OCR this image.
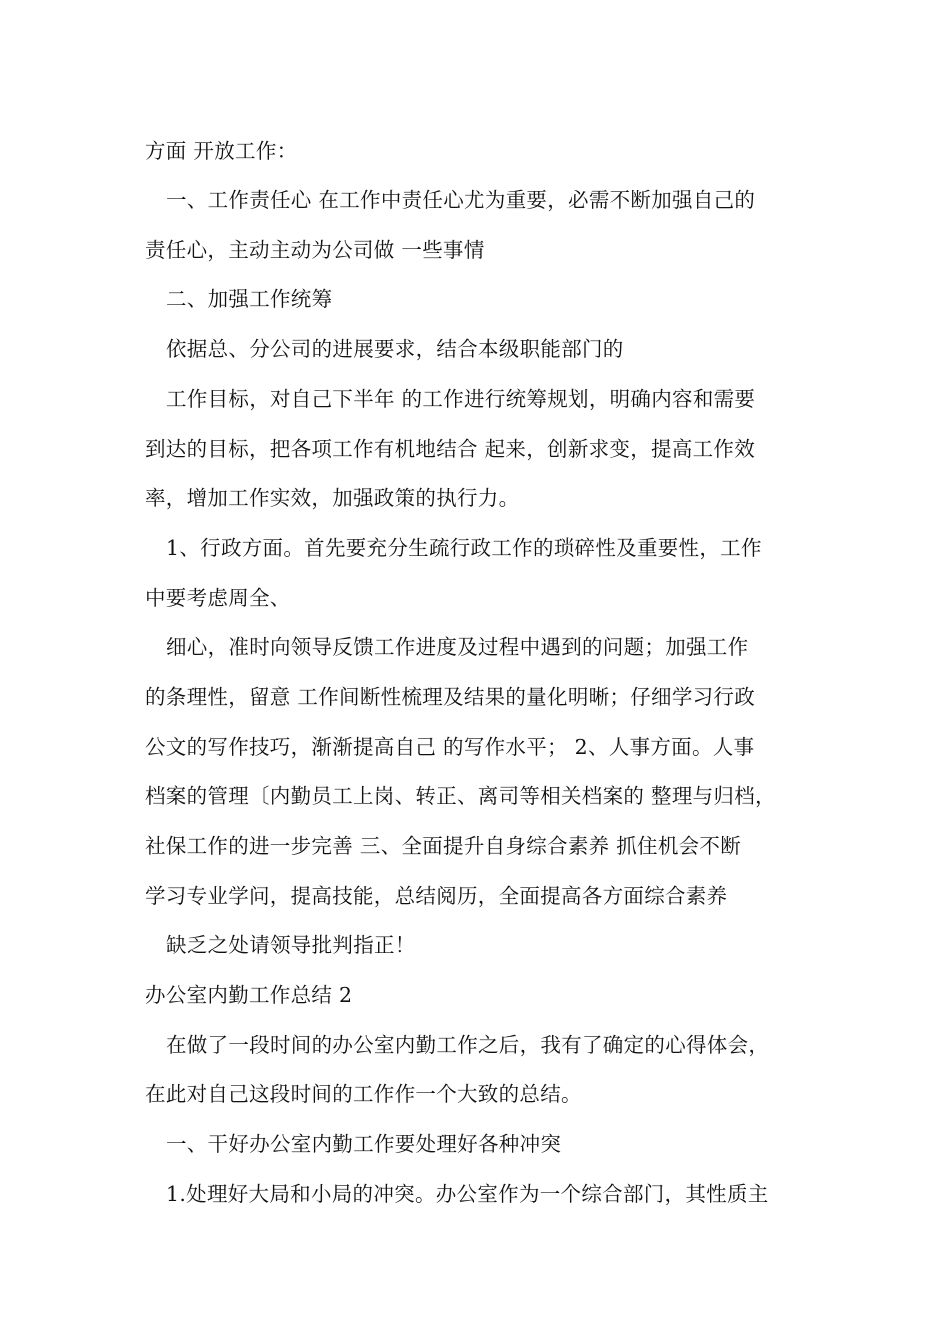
方面 开放工作：
一、工作责任心 在工作中责任心尤为重要，必需不断加强自己的
责任心，主动主动为公司做 一些事情
二、加强工作统筹
依据总、分公司的进展要求，结合本级职能部门的
工作目标，对自己下半年 的工作进行统筹规划，明确内容和需要
到达的目标，把各项工作有机地结合 起来，创新求变，提高工作效
率，增加工作实效，加强政策的执行力。
1、行政方面。首先要充分生疏行政工作的琐碎性及重要性，工作
中要考虑周全、
细心，准时向领导反馈工作进度及过程中遇到的问题；加强工作
的条理性，留意 工作间断性梳理及结果的量化明晰；仔细学习行政
公文的写作技巧，渐渐提高自己 的写作水平； 2、人事方面。人事
档案的管理〔内勤员工上岗、转正、离司等相关档案的 整理与归档，
社保工作的进一步完善 三、全面提升自身综合素养 抓住机会不断
学习专业学问，提高技能，总结阅历，全面提高各方面综合素养
缺乏之处请领导批判指正！
办公室内勤工作总结 2
在做了一段时间的办公室内勤工作之后，我有了确定的心得体会，
在此对自己这段时间的工作作一个大致的总结。
一、干好办公室内勤工作要处理好各种冲突
1.处理好大局和小局的冲突。办公室作为一个综合部门，其性质主
